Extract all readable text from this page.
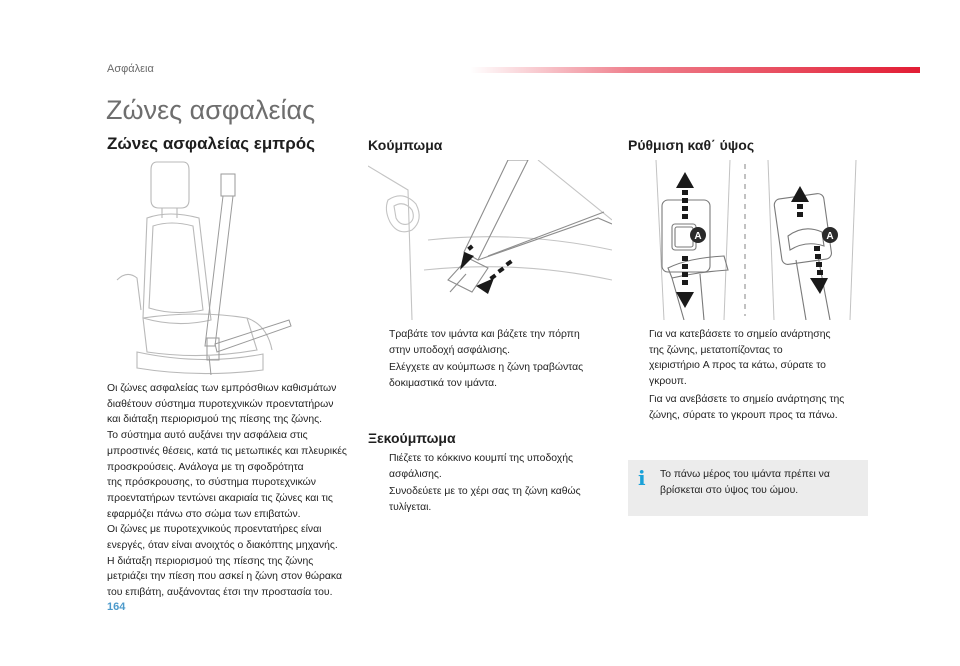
Ασφάλεια
Ζώνες ασφαλείας
Ζώνες ασφαλείας εμπρός

Οι ζώνες ασφαλείας των εμπρόσθιων καθισμάτων

διαθέτουν σύστημα πυροτεχνικών προεντατήρων

και διάταξη περιορισμού της πίεσης της ζώνης.

Το σύστημα αυτό αυξάνει την ασφάλεια στις

μπροστινές θέσεις, κατά τις μετωπικές και πλευρικές

προσκρούσεις. Ανάλογα με τη σφοδρότητα

της πρόσκρουσης, το σύστημα πυροτεχνικών

προεντατήρων τεντώνει ακαριαία τις ζώνες και τις

εφαρμόζει πάνω στο σώμα των επιβατών.

Οι ζώνες με πυροτεχνικούς προεντατήρες είναι

ενεργές, όταν είναι ανοιχτός ο διακόπτης μηχανής.

Η διάταξη περιορισμού της πίεσης της ζώνης

μετριάζει την πίεση που ασκεί η ζώνη στον θώρακα

του επιβάτη, αυξάνοντας έτσι την προστασία του.

Κούμπωμα
Τραβάτε τον ιμάντα και βάζετε την πόρπη
στην υποδοχή ασφάλισης.
Ελέγχετε αν κούμπωσε η ζώνη τραβώντας
δοκιμαστικά τον ιμάντα.
Ξεκούμπωμα
Πιέζετε το κόκκινο κουμπί της υποδοχής
ασφάλισης.
Συνοδεύετε με το χέρι σας τη ζώνη καθώς
τυλίγεται.
Ρύθμιση καθ΄ ύψος
A	A
Για να κατεβάσετε το σημείο ανάρτησης
της ζώνης, μετατοπίζοντας το
χειριστήριο A προς τα κάτω, σύρατε το
γκρουπ.
Για να ανεβάσετε το σημείο ανάρτησης της
ζώνης, σύρατε το γκρουπ προς τα πάνω.
i Το πάνω μέρος του ιμάντα πρέπει να
βρίσκεται στο ύψος του ώμου.
164
